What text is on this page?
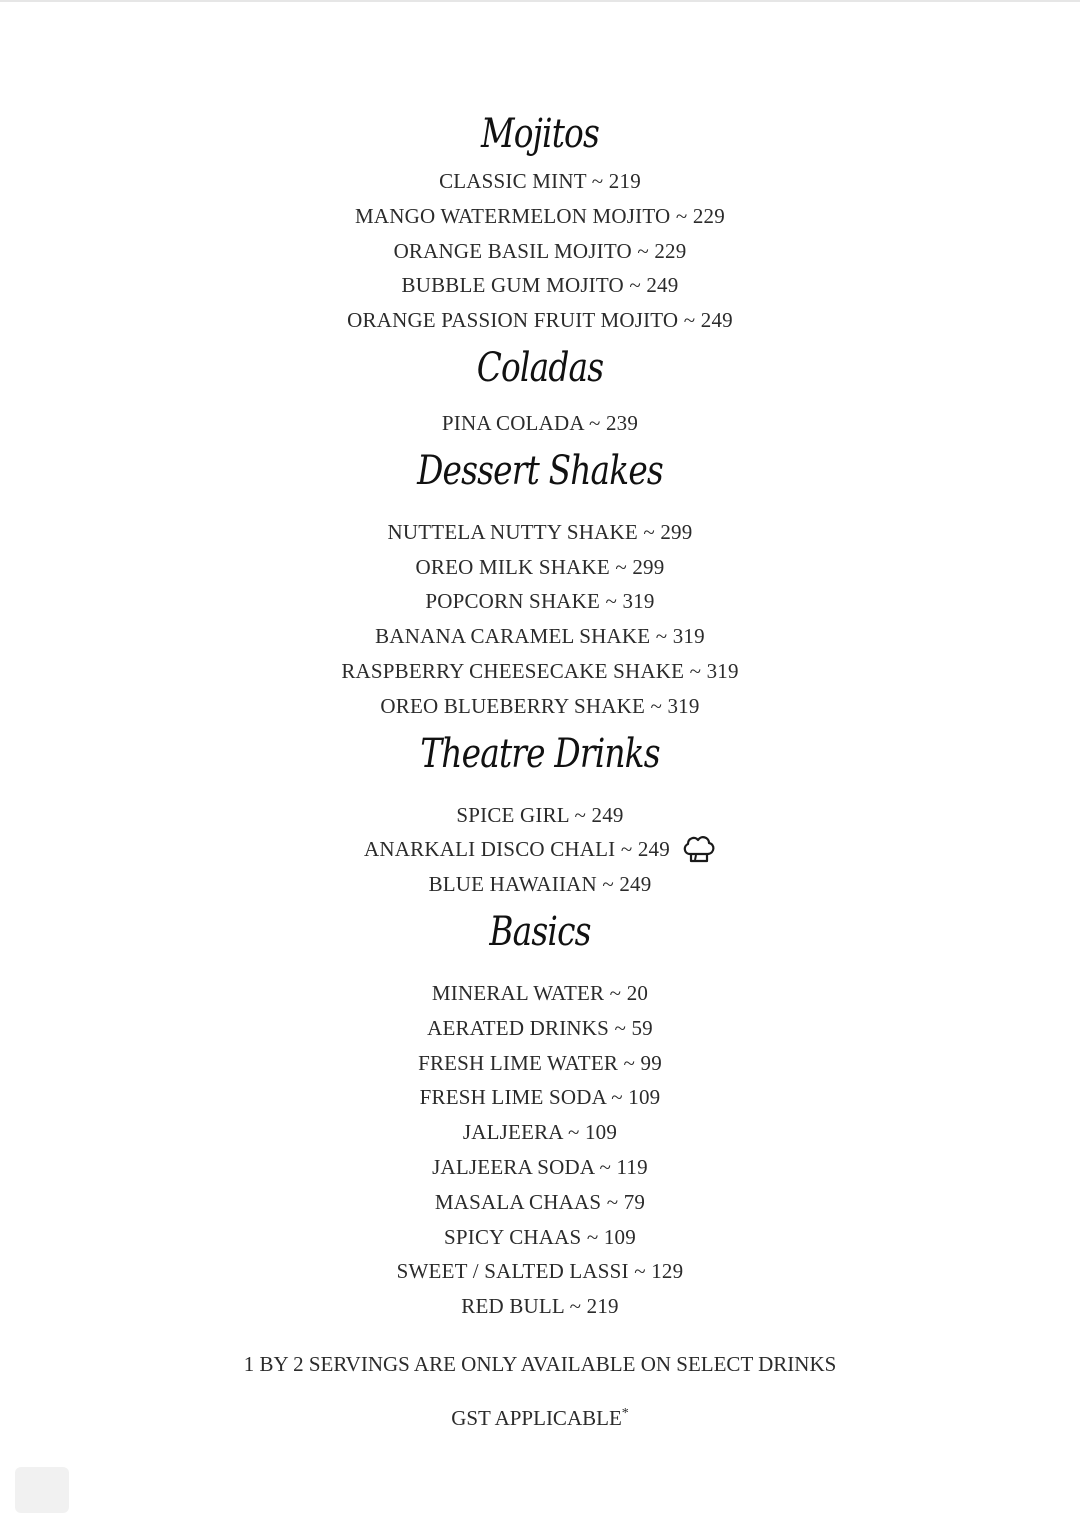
Mojitos
CLASSIC MINT ~ 219
MANGO WATERMELON MOJITO ~ 229
ORANGE BASIL MOJITO ~ 229
BUBBLE GUM MOJITO ~ 249
ORANGE PASSION FRUIT MOJITO ~ 249
Coladas
PINA COLADA ~ 239
Dessert Shakes
NUTTELA NUTTY SHAKE ~ 299
OREO MILK SHAKE ~ 299
POPCORN SHAKE ~ 319
BANANA CARAMEL SHAKE ~ 319
RASPBERRY CHEESECAKE SHAKE ~ 319
OREO BLUEBERRY SHAKE ~ 319
Theatre Drinks
SPICE GIRL ~ 249
ANARKALI DISCO CHALI ~ 249
BLUE HAWAIIAN ~ 249
Basics
MINERAL WATER ~ 20
AERATED DRINKS ~ 59
FRESH LIME WATER ~ 99
FRESH LIME SODA ~ 109
JALJEERA ~ 109
JALJEERA SODA ~ 119
MASALA CHAAS ~ 79
SPICY CHAAS ~ 109
SWEET / SALTED LASSI ~ 129
RED BULL ~ 219
1 BY 2 SERVINGS ARE ONLY AVAILABLE ON SELECT DRINKS
GST APPLICABLE*
